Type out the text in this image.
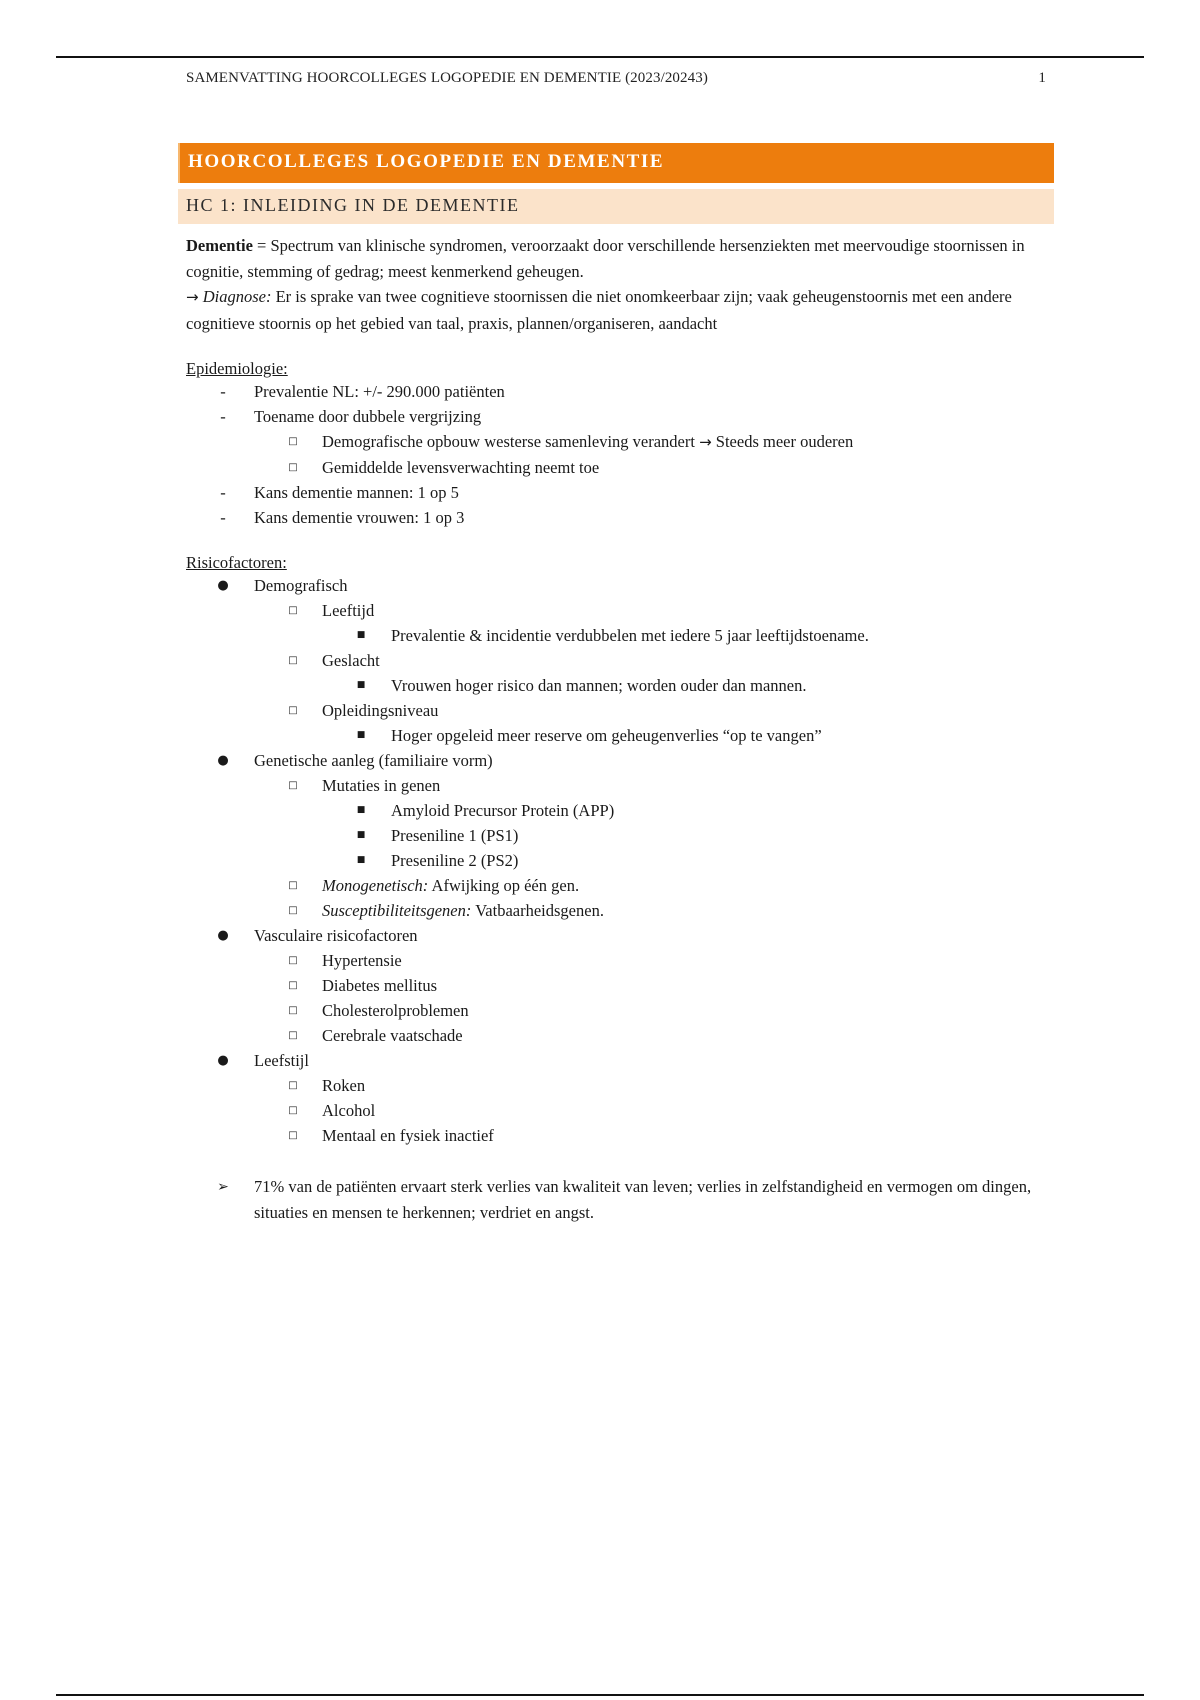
SAMENVATTING HOORCOLLEGES LOGOPEDIE EN DEMENTIE (2023/20243)	1
HOORCOLLEGES LOGOPEDIE EN DEMENTIE
HC 1: INLEIDING IN DE DEMENTIE
Dementie = Spectrum van klinische syndromen, veroorzaakt door verschillende hersenziekten met meervoudige stoornissen in cognitie, stemming of gedrag; meest kenmerkend geheugen.
→ Diagnose: Er is sprake van twee cognitieve stoornissen die niet onomkeerbaar zijn; vaak geheugenstoornis met een andere cognitieve stoornis op het gebied van taal, praxis, plannen/organiseren, aandacht
Epidemiologie:
- Prevalentie NL: +/- 290.000 patiënten
- Toename door dubbele vergrijzing
□ Demografische opbouw westerse samenleving verandert → Steeds meer ouderen
□ Gemiddelde levensverwachting neemt toe
- Kans dementie mannen: 1 op 5
- Kans dementie vrouwen: 1 op 3
Risicofactoren:
● Demografisch
□ Leeftijd
■ Prevalentie & incidentie verdubbelen met iedere 5 jaar leeftijdstoename.
□ Geslacht
■ Vrouwen hoger risico dan mannen; worden ouder dan mannen.
□ Opleidingsniveau
■ Hoger opgeleid meer reserve om geheugenverlies “op te vangen”
● Genetische aanleg (familiaire vorm)
□ Mutaties in genen
■ Amyloid Precursor Protein (APP)
■ Preseniline 1 (PS1)
■ Preseniline 2 (PS2)
□ Monogenetisch: Afwijking op één gen.
□ Susceptibiliteitsgenen: Vatbaarheidsgenen.
● Vasculaire risicofactoren
□ Hypertensie
□ Diabetes mellitus
□ Cholesterolproblemen
□ Cerebrale vaatschade
● Leefstijl
□ Roken
□ Alcohol
□ Mentaal en fysiek inactief
➢ 71% van de patiënten ervaart sterk verlies van kwaliteit van leven; verlies in zelfstandigheid en vermogen om dingen, situaties en mensen te herkennen; verdriet en angst.
